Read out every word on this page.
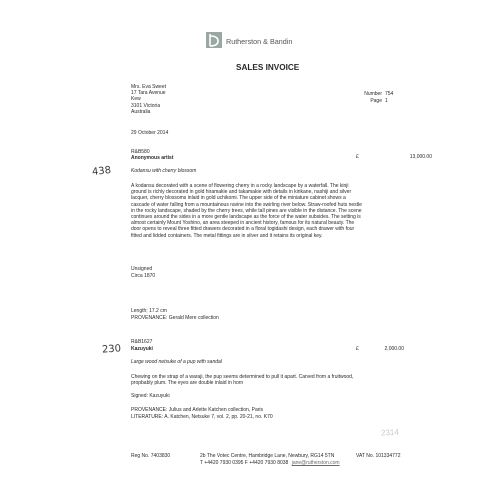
Rutherston & Bandin
SALES INVOICE
Mrs. Eva Sweet
17 Tara Avenue
Kew
3101 Victoria
Australia
Number 754
Page 1
29 October 2014
R&B580
Anonymous artist	£	13,000.00
Kodansu with cherry blossom
438
A kodansu decorated with a scene of flowering cherry in a rocky landscape by a waterfall. The kinji ground is richly decorated in gold hiramakie and takamakie with details in kirikane, nashiji and silver lacquer, cherry blossoms inlaid in gold uchikomi. The upper side of the miniature cabinet shows a cascade of water falling from a mountainous ravine into the swirling river below. Straw-roofed huts nestle in the rocky landscape, shaded by the cherry trees, while tall pines are visible in the distance. The scene continues around the sides in a more gentle landscape as the force of the water subsides. The setting is almost certainly Mount Yoshino, an area steeped in ancient history, famous for its natural beauty. The door opens to reveal three fitted drawers decorated in a floral togidashi design, each drawer with four fitted and lidded containers. The metal fittings are in silver and it retains its original key.
Unsigned
Circa 1870
Length; 17.2 cm
PROVENANCE: Gerald Mere collection
R&B1627
Kazuyuki	£	2,000.00
230
Large wood netsuke of a pup with sandal
Chewing on the strap of a waraji, the pup seems determined to pull it apart. Carved from a fruitwood, propbably plum. The eyes are double inlaid in horn
Signed: Kazuyuki
PROVENANCE: Julius and Arlette Katchen collection, Paris
LITERATURE: A. Katchen, Netsuke 7, vol. 2, pp. 20-21, no. K70
2314
Reg No. 7403830	2b The Votec Centre, Hambridge Lane, Newbury, RG14 5TN
T +4420 7930 0395 F +4420 7930 8038 jane@rutherston.com
VAT No. 101334772
